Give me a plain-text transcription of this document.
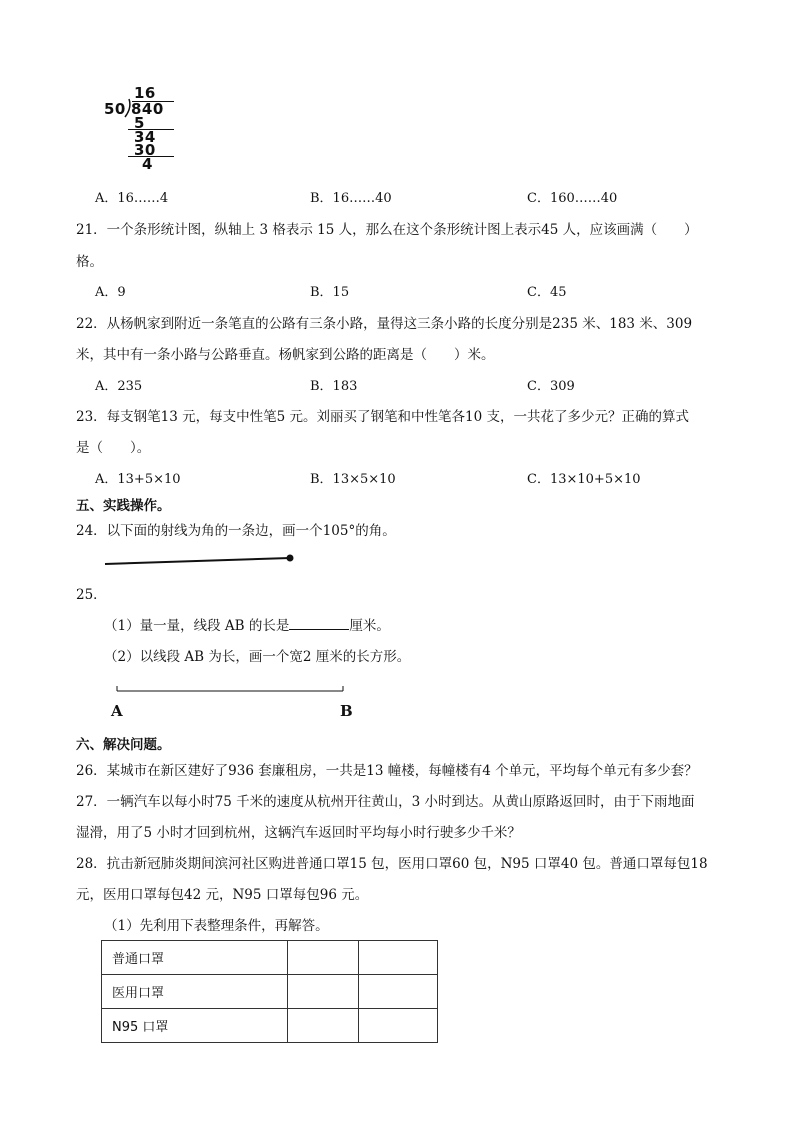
16
50 840
5
34
30
4
A．16……4	B．16……40	C．160……40
21．一个条形统计图，纵轴上 3 格表示 15 人，那么在这个条形统计图上表示45 人，应该画满（　　）
格。
A．9	B．15	C．45
22．从杨帆家到附近一条笔直的公路有三条小路，量得这三条小路的长度分别是235 米、183 米、309
米，其中有一条小路与公路垂直。杨帆家到公路的距离是（　　）米。
A．235	B．183	C．309
23．每支钢笔13 元，每支中性笔5 元。刘丽买了钢笔和中性笔各10 支，一共花了多少元？正确的算式
是（　　）。
A．13+5×10	B．13×5×10	C．13×10+5×10
五、实践操作。
24．以下面的射线为角的一条边，画一个105°的角。
25．
（1）量一量，线段 AB 的长是	厘米。
（2）以线段 AB 为长，画一个宽2 厘米的长方形。
A	B
六、解决问题。
26．某城市在新区建好了936 套廉租房，一共是13 幢楼，每幢楼有4 个单元，平均每个单元有多少套？
27．一辆汽车以每小时75 千米的速度从杭州开往黄山，3 小时到达。从黄山原路返回时，由于下雨地面
湿滑，用了5 小时才回到杭州，这辆汽车返回时平均每小时行驶多少千米？
28．抗击新冠肺炎期间滨河社区购进普通口罩15 包，医用口罩60 包，N95 口罩40 包。普通口罩每包18
元，医用口罩每包42 元，N95 口罩每包96 元。
（1）先利用下表整理条件，再解答。
普通口罩		
医用口罩		
N95 口罩		
